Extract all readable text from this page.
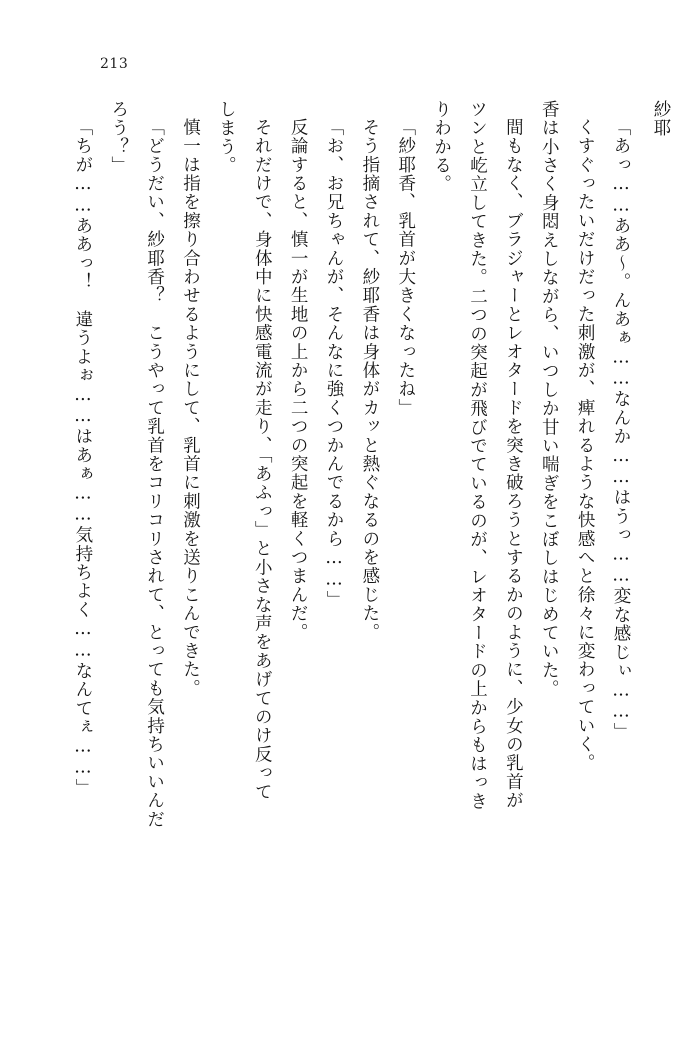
213

「あっ……ああ〜。んあぁ……なんか……はうっ……変な感じぃ……」

くすぐったいだけだった刺激が、痺れるような快感へと徐々に変わっていく。

香は小さく身悶えしながら、いつしか甘い喘ぎをこぼしはじめていた。

間もなく、ブラジャーとレオタードを突き破ろうとするかのように、少女の乳首が

ツンと屹立してきた。二つの突起が飛びでているのが、レオタードの上からもはっき

りわかる。

「紗耶香、乳首が大きくなったね」

そう指摘されて、紗耶香は身体がカッと熱ぐなるのを感じた。

「お、お兄ちゃんが、そんなに強くつかんでるから……」

反論すると、慎一が生地の上から二つの突起を軽くつまんだ。

それだけで、身体中に快感電流が走り、「あふっ」と小さな声をあげてのけ反って

しまう。

慎一は指を擦り合わせるようにして、乳首に刺激を送りこんできた。

「どうだい、紗耶香？　こうやって乳首をコリコリされて、とっても気持ちいいんだ

ろう？」

「ちが……ああっ！　違うよぉ……はあぁ……気持ちよく……なんてぇ……」	紗耶
